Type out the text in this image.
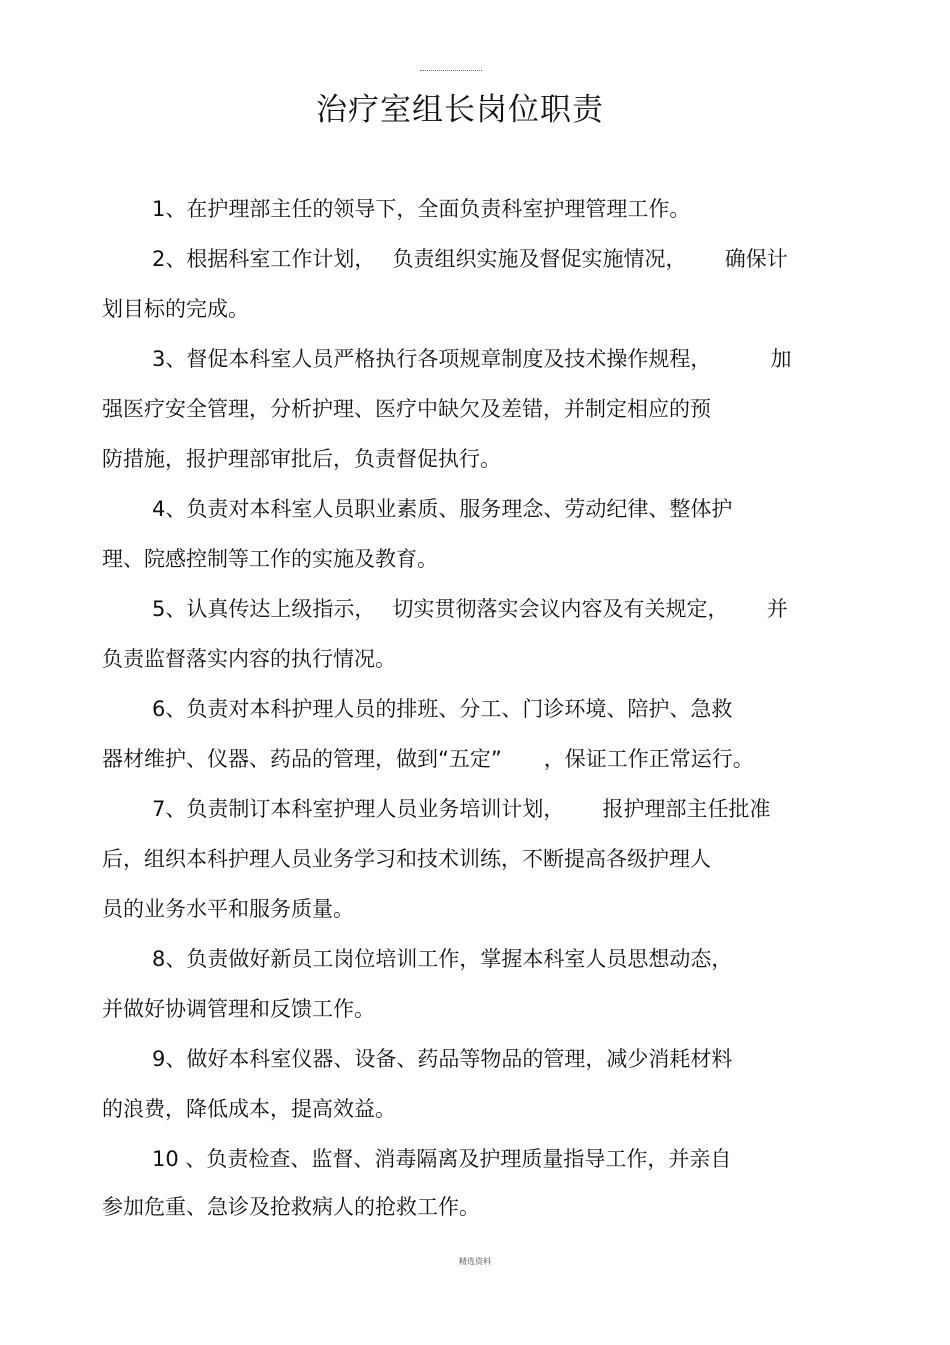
治疗室组长岗位职责
1、在护理部主任的领导下，全面负责科室护理管理工作。
2、根据科室工作计划，　 负责组织实施及督促实施情况，　　 确保计
划目标的完成。
3、督促本科室人员严格执行各项规章制度及技术操作规程，　　　 加
强医疗安全管理，分析护理、医疗中缺欠及差错，并制定相应的预
防措施，报护理部审批后，负责督促执行。
4、负责对本科室人员职业素质、服务理念、劳动纪律、整体护
理、院感控制等工作的实施及教育。
5、认真传达上级指示，　 切实贯彻落实会议内容及有关规定，　　 并
负责监督落实内容的执行情况。
6、负责对本科护理人员的排班、分工、门诊环境、陪护、急救
器材维护、仪器、药品的管理，做到“五定”　　，保证工作正常运行。
7、负责制订本科室护理人员业务培训计划，　　 报护理部主任批准
后，组织本科护理人员业务学习和技术训练，不断提高各级护理人
员的业务水平和服务质量。
8、负责做好新员工岗位培训工作，掌握本科室人员思想动态，
并做好协调管理和反馈工作。
9、做好本科室仪器、设备、药品等物品的管理，减少消耗材料
的浪费，降低成本，提高效益。
10 、负责检查、监督、消毒隔离及护理质量指导工作，并亲自
参加危重、急诊及抢救病人的抢救工作。
精选资料
